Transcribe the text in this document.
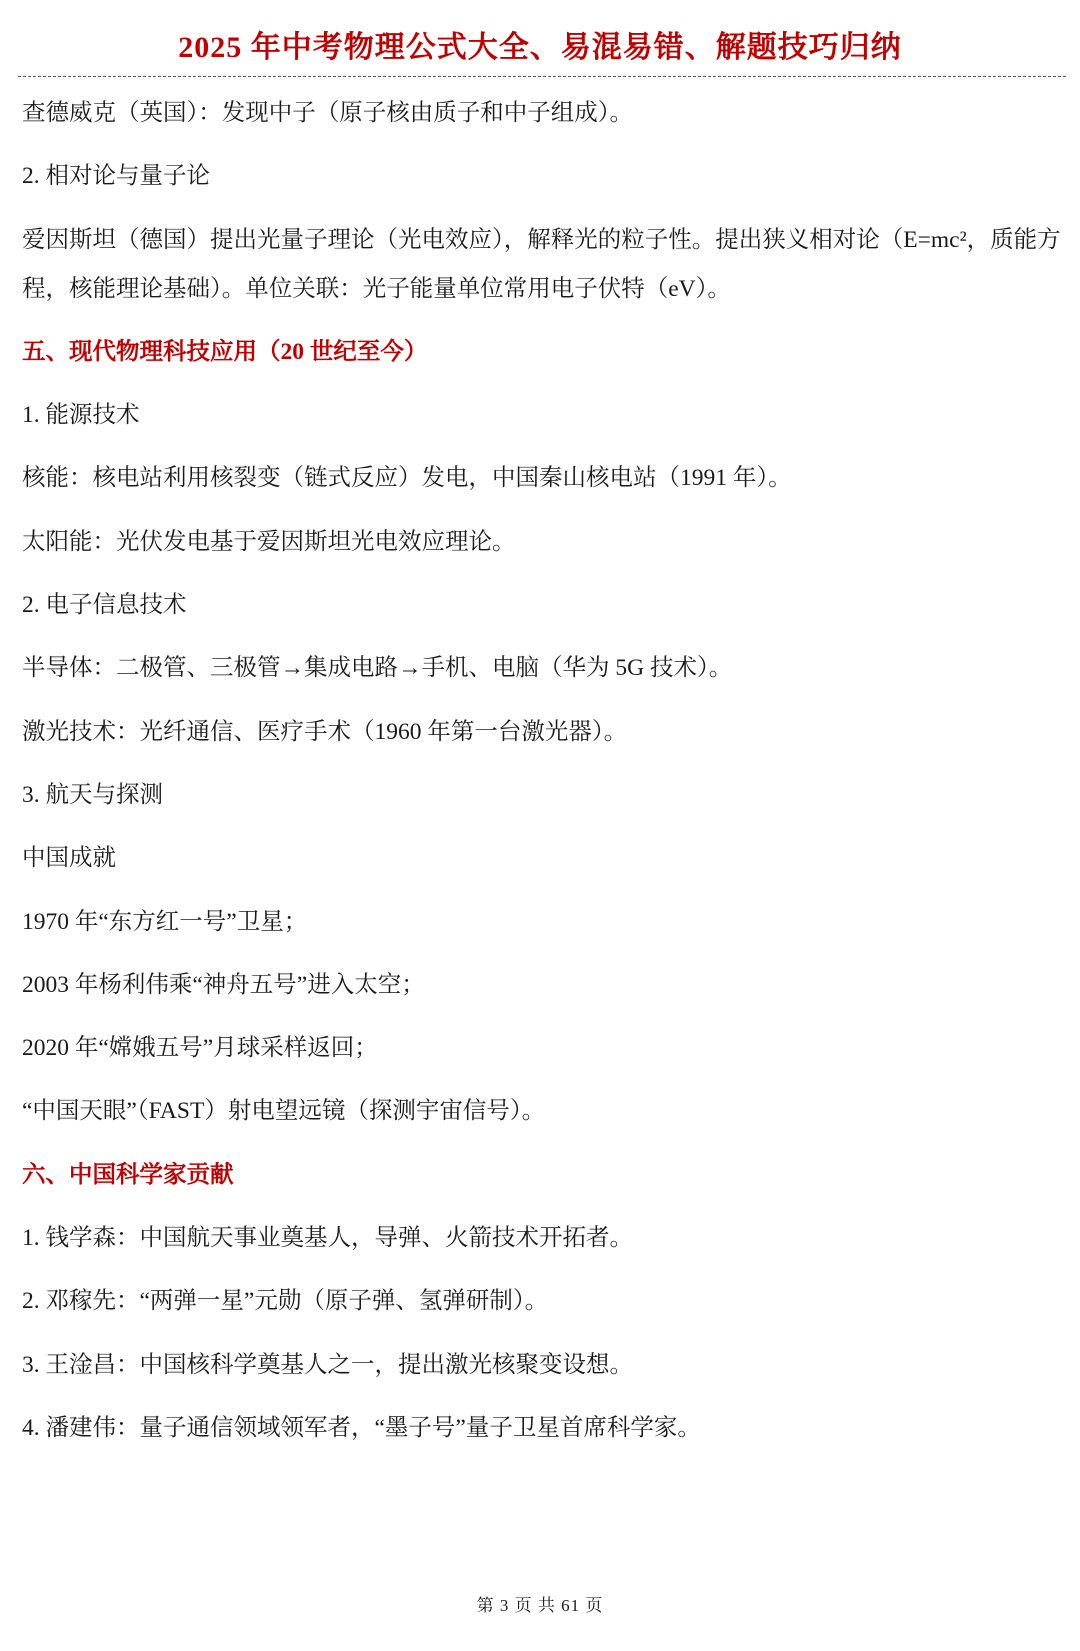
2025 年中考物理公式大全、易混易错、解题技巧归纳

查德威克（英国）：发现中子（原子核由质子和中子组成）。

2. 相对论与量子论

爱因斯坦（德国）提出光量子理论（光电效应），解释光的粒子性。提出狭义相对论（E=mc²，质能方程，核能理论基础）。单位关联：光子能量单位常用电子伏特（eV）。

五、现代物理科技应用（20 世纪至今）

1. 能源技术

核能：核电站利用核裂变（链式反应）发电，中国秦山核电站（1991 年）。

太阳能：光伏发电基于爱因斯坦光电效应理论。

2. 电子信息技术

半导体：二极管、三极管→集成电路→手机、电脑（华为 5G 技术）。

激光技术：光纤通信、医疗手术（1960 年第一台激光器）。

3. 航天与探测

中国成就

1970 年“东方红一号”卫星；

2003 年杨利伟乘“神舟五号”进入太空；

2020 年“嫦娥五号”月球采样返回；

“中国天眼”（FAST）射电望远镜（探测宇宙信号）。

六、中国科学家贡献

1. 钱学森：中国航天事业奠基人，导弹、火箭技术开拓者。

2. 邓稼先：“两弹一星”元勋（原子弹、氢弹研制）。

3. 王淦昌：中国核科学奠基人之一，提出激光核聚变设想。

4. 潘建伟：量子通信领域领军者，“墨子号”量子卫星首席科学家。

第 3 页 共 61 页
